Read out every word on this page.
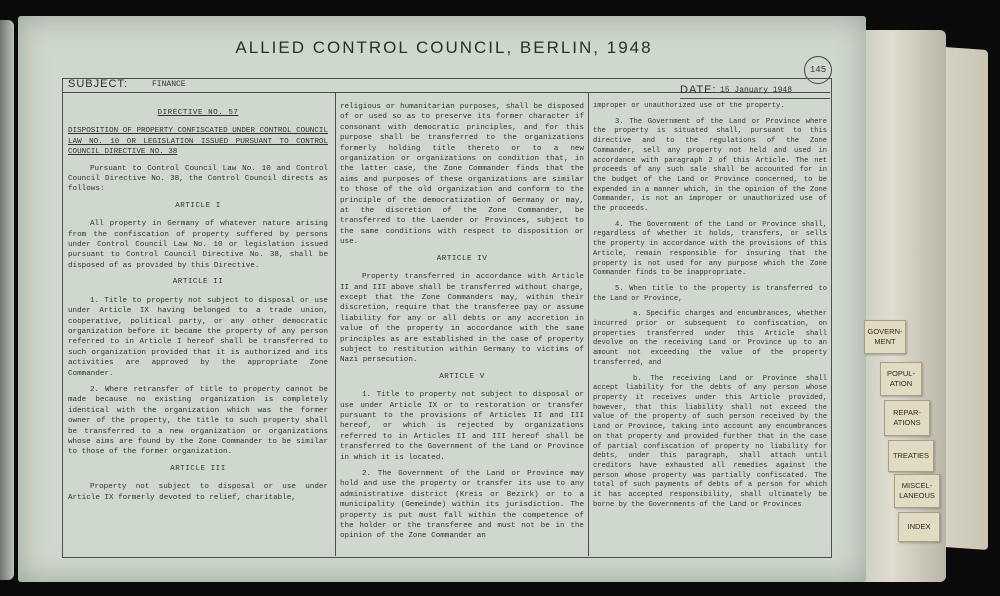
ALLIED CONTROL COUNCIL, BERLIN, 1948
145
SUBJECT:	FINANCE	DATE: 15 January 1948

DIRECTIVE NO. 57

DISPOSITION OF PROPERTY CONFISCATED UNDER CONTROL COUNCIL LAW NO. 10 OR LEGISLATION ISSUED PURSUANT TO CONTROL COUNCIL DIRECTIVE NO. 38

Pursuant to Control Council Law No. 10 and Control Council Directive No. 38, the Control Council directs as follows:

ARTICLE I

All property in Germany of whatever nature arising from the confiscation of property suffered by persons under Control Council Law No. 10 or legislation issued pursuant to Control Council Directive No. 38, shall be disposed of as provided by this Directive.

ARTICLE II

1. Title to property not subject to disposal or use under Article IX having belonged to a trade union, cooperative, political party, or any other democratic organization before it became the property of any person referred to in Article I hereof shall be transferred to such organization provided that it is authorized and its activities are approved by the appropriate Zone Commander.

2. Where retransfer of title to property cannot be made because no existing organization is completely identical with the organization which was the former owner of the property, the title to such property shall be transferred to a new organization or organizations whose aims are found by the Zone Commander to be similar to those of the former organization.

ARTICLE III

Property not subject to disposal or use under Article IX formerly devoted to relief, charitable,

religious or humanitarian purposes, shall be disposed of or used so as to preserve its former character if consonant with democratic principles, and for this purpose shall be transferred to the organizations formerly holding title thereto or to a new organization or organizations on condition that, in the latter case, the Zone Commander finds that the aims and purposes of these organizations are similar to those of the old organization and conform to the principle of the democratization of Germany or may, at the discretion of the Zone Commander, be transferred to the Laender or Provinces, subject to the same conditions with respect to disposition or use.

ARTICLE IV

Property transferred in accordance with Article II and III above shall be transferred without charge, except that the Zone Commanders may, within their discretion, require that the transferee pay or assume liability for any or all debts or any accretion in value of the property in accordance with the same principles as are established in the case of property subject to restitution within Germany to victims of Nazi persecution.

ARTICLE V

1. Title to property not subject to disposal or use under Article IX or to restoration or transfer pursuant to the provisions of Articles II and III hereof, or which is rejected by organizations referred to in Articles II and III hereof shall be transferred to the Government of the Land or Province in which it is located.

2. The Government of the Land or Province may hold and use the property or transfer its use to any administrative district (Kreis or Bezirk) or to a municipality (Gemeinde) within its jurisdiction. The property is put must fall within the competence of the holder or the transferee and must not be in the opinion of the Zone Commander an

improper or unauthorized use of the property.

3. The Government of the Land or Province where the property is situated shall, pursuant to this directive and to the regulations of the Zone Commander, sell any property not held and used in accordance with paragraph 2 of this Article. The net proceeds of any such sale shall be accounted for in the budget of the Land or Province concerned, to be expended in a manner which, in the opinion of the Zone Commander, is not an improper or unauthorized use of the proceeds.

4. The Government of the Land or Province shall, regardless of whether it holds, transfers, or sells the property in accordance with the provisions of this Article, remain responsible for insuring that the property is not used for any purpose which the Zone Commander finds to be inappropriate.

5. When title to the property is transferred to the Land or Province,

a. Specific charges and encumbrances, whether incurred prior or subsequent to confiscation, on properties transferred under this Article shall devolve on the receiving Land or Province up to an amount not exceeding the value of the property transferred, and

b. The receiving Land or Province shall accept liability for the debts of any person whose property it receives under this Article provided, however, that this liability shall not exceed the value of the property of such person received by the Land or Province, taking into account any encumbrances on that property and provided further that in the case of partial confiscation of property no liability for debts, under this paragraph, shall attach until creditors have exhausted all remedies against the person whose property was partially confiscated. The total of such payments of debts of a person for which it has accepted responsibility, shall ultimately be borne by the Governments of the Land or Provinces

GOVERN-
MENT
POPUL-
ATION
REPAR-
ATIONS
TREATIES
MISCEL-
LANEOUS
INDEX
